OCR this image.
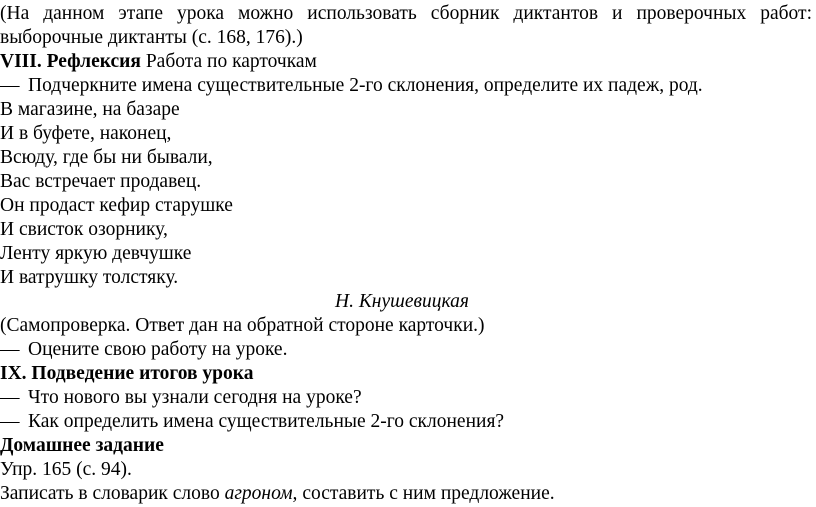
(На данном этапе урока можно использовать сборник диктантов и проверочных работ:
выборочные диктанты (с. 168, 176).)
VIII. Рефлексия Работа по карточкам
— Подчеркните имена существительные 2-го склонения, определите их падеж, род.
В магазине, на базаре
И в буфете, наконец,
Всюду, где бы ни бывали,
Вас встречает продавец.
Он продаст кефир старушке
И свисток озорнику,
Ленту яркую девчушке
И ватрушку толстяку.
Н. Кнушевицкая
(Самопроверка. Ответ дан на обратной стороне карточки.)
— Оцените свою работу на уроке.
IX. Подведение итогов урока
— Что нового вы узнали сегодня на уроке?
— Как определить имена существительные 2-го склонения?
Домашнее задание
Упр. 165 (с. 94).
Записать в словарик слово агроном, составить с ним предложение.
